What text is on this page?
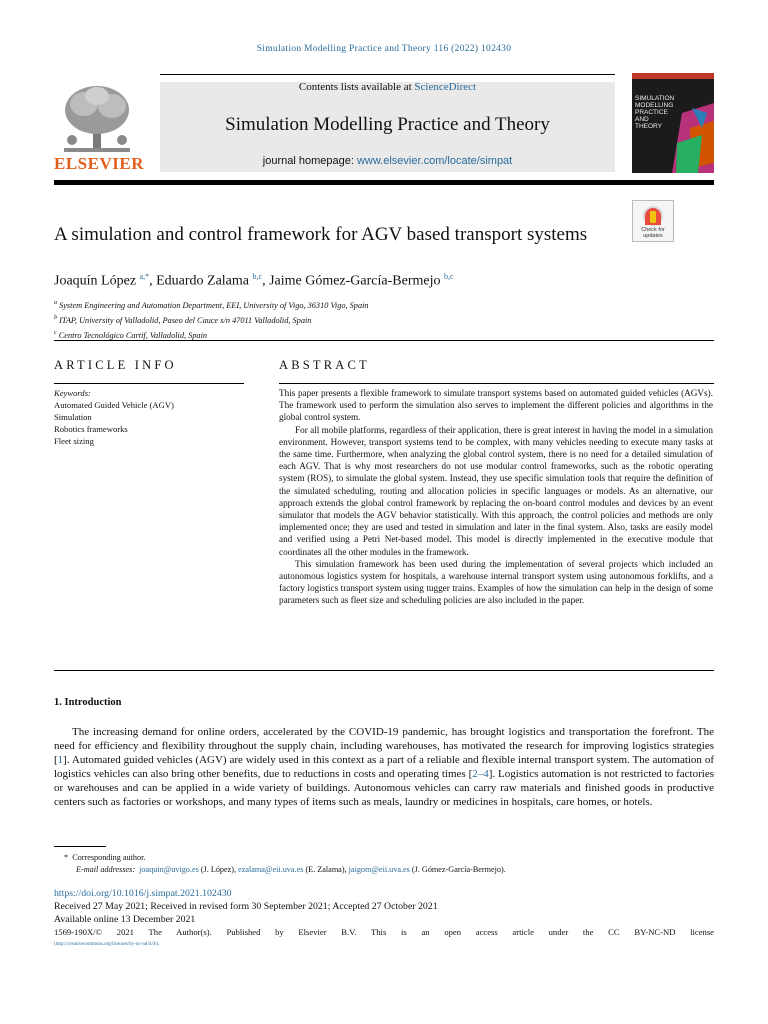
Simulation Modelling Practice and Theory 116 (2022) 102430
ELSEVIER
Contents lists available at ScienceDirect
Simulation Modelling Practice and Theory
journal homepage: www.elsevier.com/locate/simpat
SIMULATION MODELLING PRACTICE AND THEORY
Check for updates
A simulation and control framework for AGV based transport systems
Joaquín López $^{a,*}$, Eduardo Zalama $^{b,c}$, Jaime Gómez-García-Bermejo $^{b,c}$
$^a$ System Engineering and Automation Department, EEI, University of Vigo, 36310 Vigo, Spain
$^b$ ITAP, University of Valladolid, Paseo del Cauce s/n 47011 Valladolid, Spain
$^c$ Centro Tecnológico Cartif, Valladolid, Spain
ARTICLE INFO
Keywords:
Automated Guided Vehicle (AGV)
Simulation
Robotics frameworks
Fleet sizing
ABSTRACT

This paper presents a flexible framework to simulate transport systems based on automated guided vehicles (AGVs). The framework used to perform the simulation also serves to implement the different policies and algorithms in the global control system.

For all mobile platforms, regardless of their application, there is great interest in having the model in a simulation environment. However, transport systems tend to be complex, with many vehicles needing to execute many tasks at the same time. Furthermore, when analyzing the global control system, there is no need for a detailed simulation of each AGV. That is why most researchers do not use modular control frameworks, such as the robotic operating system (ROS), to simulate the global system. Instead, they use specific simulation tools that require the definition of the simulated scheduling, routing and allocation policies in specific languages or models. As an alternative, our approach extends the global control framework by replacing the on-board control modules and devices by an event simulator that models the AGV behavior statistically. With this approach, the control policies and methods are only implemented once; they are used and tested in simulation and later in the final system. Also, tasks are easily model and verified using a Petri Net-based model. This model is directly implemented in the executive module that coordinates all the other modules in the framework.

This simulation framework has been used during the implementation of several projects which included an autonomous logistics system for hospitals, a warehouse internal transport system using autonomous forklifts, and a factory logistics transport system using tugger trains. Examples of how the simulation can help in the design of some parameters such as fleet size and scheduling policies are also included in the paper.

1. Introduction
The increasing demand for online orders, accelerated by the COVID-19 pandemic, has brought logistics and transportation the forefront. The need for efficiency and flexibility throughout the supply chain, including warehouses, has motivated the research for improving logistics strategies [1]. Automated guided vehicles (AGV) are widely used in this context as a part of a reliable and flexible internal transport system. The automation of logistics vehicles can also bring other benefits, due to reductions in costs and operating times [2–4]. Logistics automation is not restricted to factories or warehouses and can be applied in a wide variety of buildings. Autonomous vehicles can carry raw materials and finished goods in productive centers such as factories or workshops, and many types of items such as meals, laundry or medicines in hospitals, care homes, or hotels.
* Corresponding author.
E-mail addresses: joaquin@uvigo.es (J. López), ezalama@eii.uva.es (E. Zalama), jaigom@eii.uva.es (J. Gómez-García-Bermejo).
https://doi.org/10.1016/j.simpat.2021.102430
Received 27 May 2021; Received in revised form 30 September 2021; Accepted 27 October 2021
Available online 13 December 2021
1569-190X/© 2021 The Author(s). Published by Elsevier B.V. This is an open access article under the CC BY-NC-ND license
(http://creativecommons.org/licenses/by-nc-nd/4.0/).
